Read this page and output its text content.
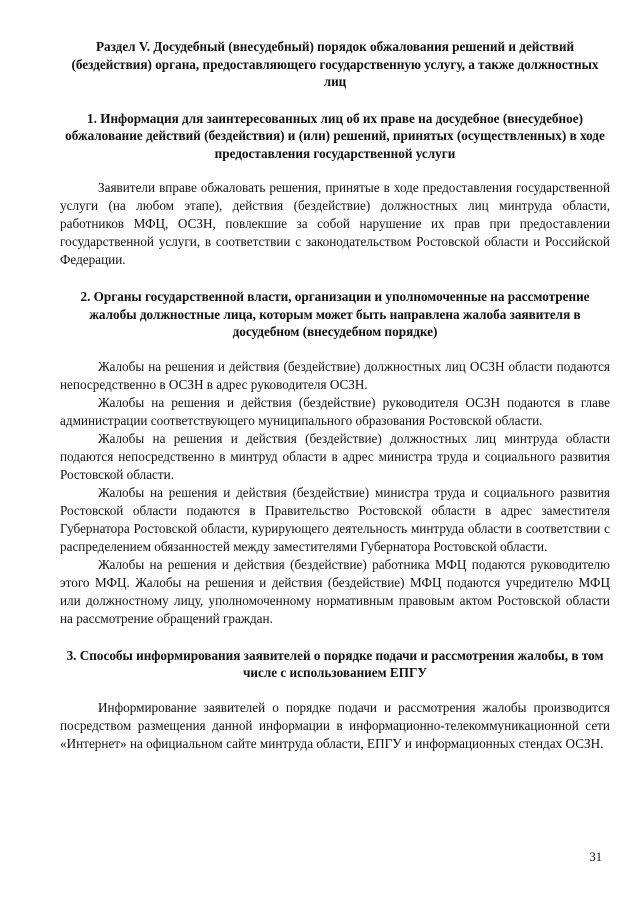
Раздел V. Досудебный (внесудебный) порядок обжалования решений и действий (бездействия) органа, предоставляющего государственную услугу, а также должностных лиц

1. Информация для заинтересованных лиц об их праве на досудебное (внесудебное) обжалование действий (бездействия) и (или) решений, принятых (осуществленных) в ходе предоставления государственной услуги

Заявители вправе обжаловать решения, принятые в ходе предоставления государственной услуги (на любом этапе), действия (бездействие) должностных лиц минтруда области, работников МФЦ, ОСЗН, повлекшие за собой нарушение их прав при предоставлении государственной услуги, в соответствии с законодательством Ростовской области и Российской Федерации.

2. Органы государственной власти, организации и уполномоченные на рассмотрение жалобы должностные лица, которым может быть направлена жалоба заявителя в досудебном (внесудебном порядке)

Жалобы на решения и действия (бездействие) должностных лиц ОСЗН области подаются непосредственно в ОСЗН в адрес руководителя ОСЗН.

Жалобы на решения и действия (бездействие) руководителя ОСЗН подаются в главе администрации соответствующего муниципального образования Ростовской области.

Жалобы на решения и действия (бездействие) должностных лиц минтруда области подаются непосредственно в минтруд области в адрес министра труда и социального развития Ростовской области.

Жалобы на решения и действия (бездействие) министра труда и социального развития Ростовской области подаются в Правительство Ростовской области в адрес заместителя Губернатора Ростовской области, курирующего деятельность минтруда области в соответствии с распределением обязанностей между заместителями Губернатора Ростовской области.

Жалобы на решения и действия (бездействие) работника МФЦ подаются руководителю этого МФЦ. Жалобы на решения и действия (бездействие) МФЦ подаются учредителю МФЦ или должностному лицу, уполномоченному нормативным правовым актом Ростовской области на рассмотрение обращений граждан.

3. Способы информирования заявителей о порядке подачи и рассмотрения жалобы, в том числе с использованием ЕПГУ

Информирование заявителей о порядке подачи и рассмотрения жалобы производится посредством размещения данной информации в информационно-телекоммуникационной сети «Интернет» на официальном сайте минтруда области, ЕПГУ и информационных стендах ОСЗН.

31
